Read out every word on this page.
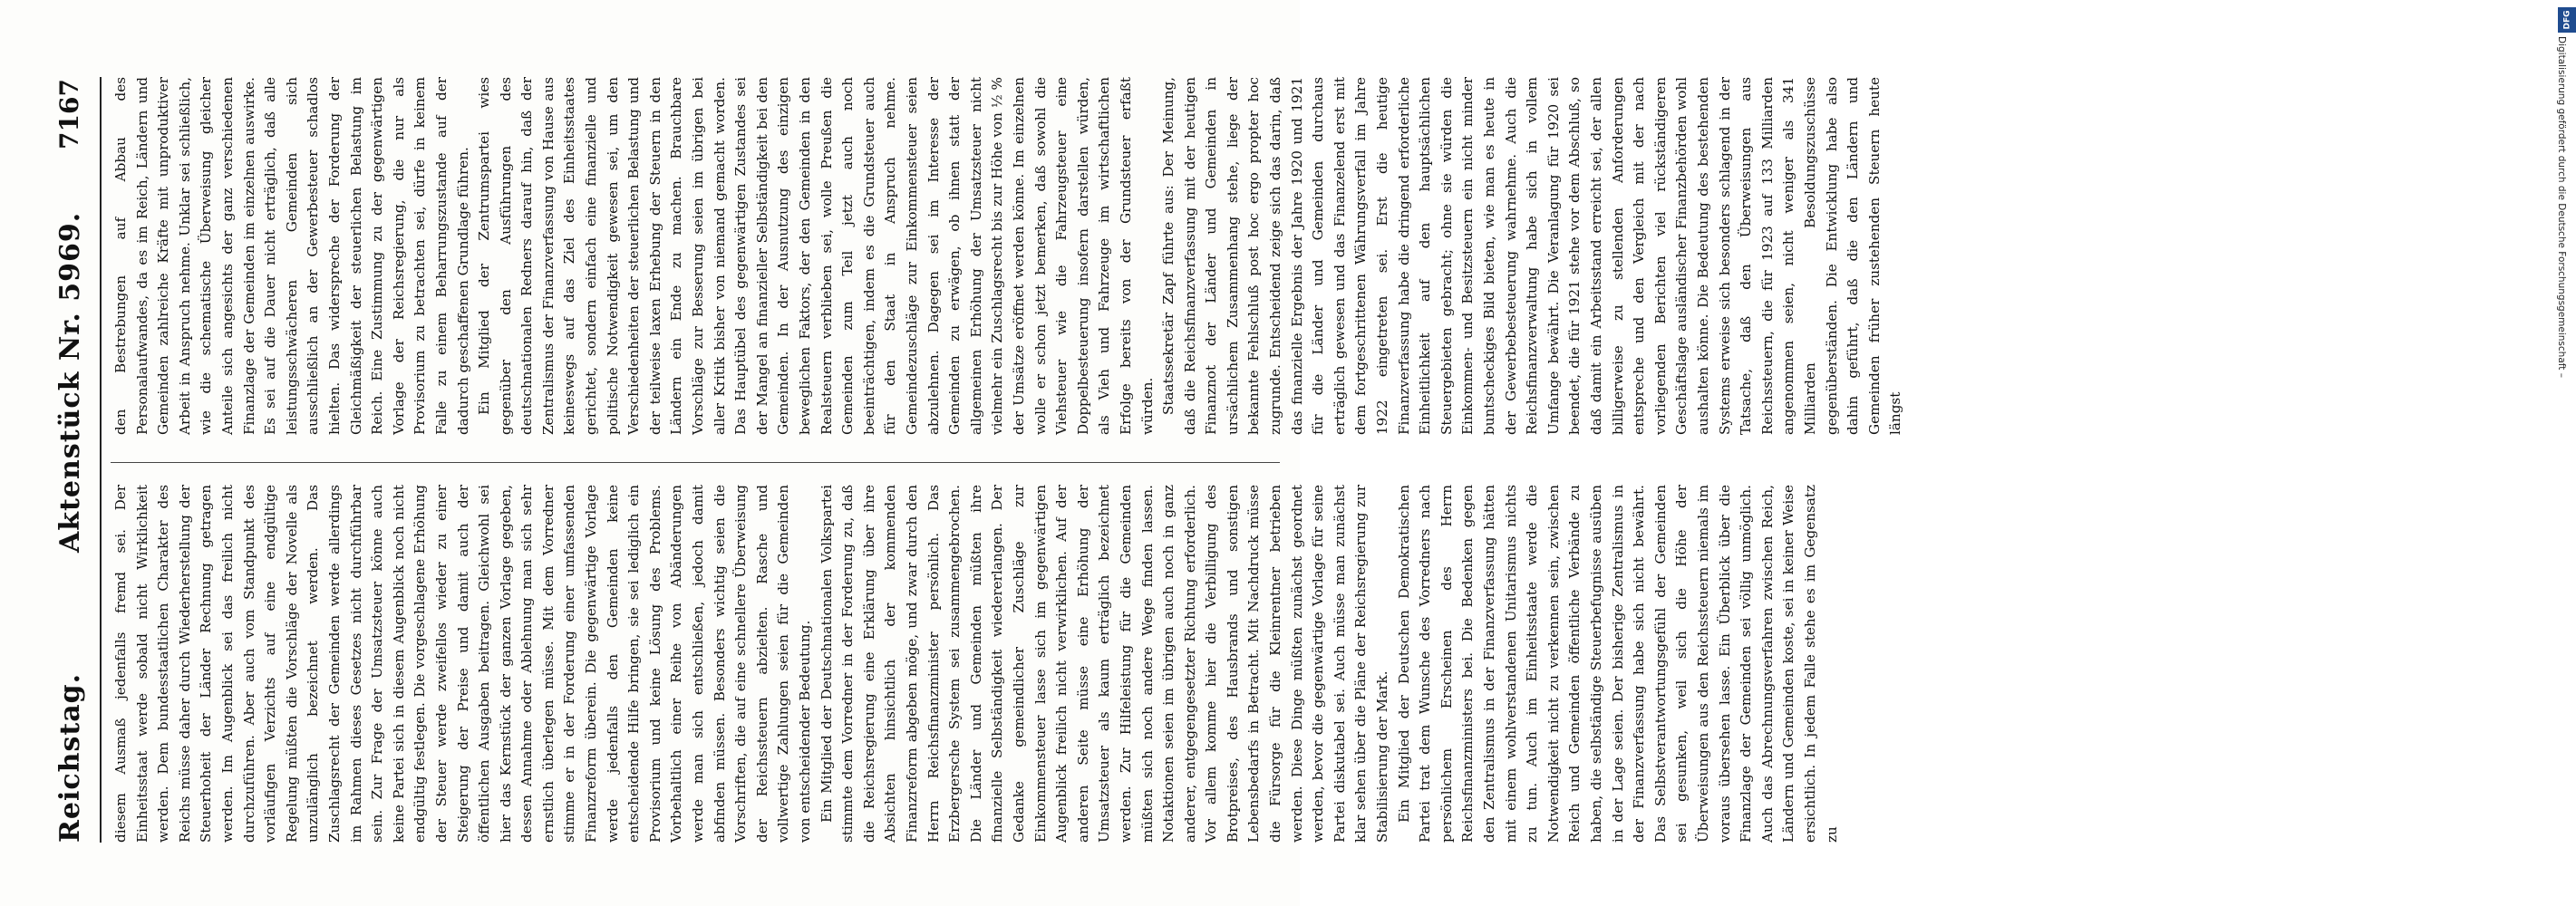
Reichstag.
Aktenstück Nr. 5969.
7167

diesem Ausmaß jedenfalls fremd sei. Der Einheitsstaat werde sobald nicht Wirklichkeit werden. Dem bundesstaatlichen Charakter des Reichs müsse daher durch Wiederherstellung der Steuerhoheit der Länder Rechnung getragen werden. Im Augenblick sei das freilich nicht durchzuführen. Aber auch vom Standpunkt des vorläufigen Verzichts auf eine endgültige Regelung müßten die Vorschläge der Novelle als unzulänglich bezeichnet werden. Das Zuschlagsrecht der Gemeinden werde allerdings im Rahmen dieses Gesetzes nicht durchführbar sein. Zur Frage der Umsatzsteuer könne auch keine Partei sich in diesem Augenblick noch nicht endgültig festlegen. Die vorgeschlagene Erhöhung der Steuer werde zweifellos wieder zu einer Steigerung der Preise und damit auch der öffentlichen Ausgaben beitragen. Gleichwohl sei hier das Kernstück der ganzen Vorlage gegeben, dessen Annahme oder Ablehnung man sich sehr ernstlich überlegen müsse. Mit dem Vorredner stimme er in der Forderung einer umfassenden Finanzreform überein. Die gegenwärtige Vorlage werde jedenfalls den Gemeinden keine entscheidende Hilfe bringen, sie sei lediglich ein Provisorium und keine Lösung des Problems. Vorbehaltlich einer Reihe von Abänderungen werde man sich entschließen, jedoch damit abfinden müssen. Besonders wichtig seien die Vorschriften, die auf eine schnellere Überweisung der Reichssteuern abzielten. Rasche und vollwertige Zahlungen seien für die Gemeinden von entscheidender Bedeutung. Ein Mitglied der Deutschnationalen Volkspartei stimmte dem Vorredner in der Forderung zu, daß die Reichsregierung eine Erklärung über ihre Absichten hinsichtlich der kommenden Finanzreform abgeben möge, und zwar durch den Herrn Reichsfinanzminister persönlich. Das Erzbergersche System sei zusammengebrochen. Die Länder und Gemeinden müßten ihre finanzielle Selbständigkeit wiedererlangen. Der Gedanke gemeindlicher Zuschläge zur Einkommensteuer lasse sich im gegenwärtigen Augenblick freilich nicht verwirklichen. Auf der anderen Seite müsse eine Erhöhung der Umsatzsteuer als kaum erträglich bezeichnet werden. Zur Hilfeleistung für die Gemeinden müßten sich noch andere Wege finden lassen. Notaktionen seien im übrigen auch noch in ganz anderer, entgegengesetzter Richtung erforderlich. Vor allem komme hier die Verbilligung des Brotpreises, des Hausbrands und sonstigen Lebensbedarfs in Betracht. Mit Nachdruck müsse die Fürsorge für die Kleinrentner betrieben werden. Diese Dinge müßten zunächst geordnet werden, bevor die gegenwärtige Vorlage für seine Partei diskutabel sei. Auch müsse man zunächst klar sehen über die Pläne der Reichsregierung zur Stabilisierung der Mark. Ein Mitglied der Deutschen Demokratischen Partei trat dem Wunsche des Vorredners nach persönlichem Erscheinen des Herrn Reichsfinanzministers bei. Die Bedenken gegen den Zentralismus in der Finanzverfassung hätten mit einem wohlverstandenen Unitarismus nichts zu tun. Auch im Einheitsstaate werde die Notwendigkeit nicht zu verkennen sein, zwischen Reich und Gemeinden öffentliche Verbände zu haben, die selbständige Steuerbefugnisse ausüben in der Lage seien. Der bisherige Zentralismus in der Finanzverfassung habe sich nicht bewährt. Das Selbstverantwortungsgefühl der Gemeinden sei gesunken, weil sich die Höhe der Überweisungen aus den Reichssteuern niemals im voraus übersehen lasse. Ein Überblick über die Finanzlage der Gemeinden sei völlig unmöglich. Auch das Abrechnungsverfahren zwischen Reich, Ländern und Gemeinden koste, sei in keiner Weise ersichtlich. In jedem Falle stehe es im Gegensatz zu

den Bestrebungen auf Abbau des Personalaufwandes, da es im Reich, Ländern und Gemeinden zahlreiche Kräfte mit unproduktiver Arbeit in Anspruch nehme. Unklar sei schließlich, wie die schematische Überweisung gleicher Anteile sich angesichts der ganz verschiedenen Finanzlage der Gemeinden im einzelnen auswirke. Es sei auf die Dauer nicht erträglich, daß alle leistungsschwächeren Gemeinden sich ausschließlich an der Gewerbesteuer schadlos hielten. Das widerspreche der Forderung der Gleichmäßigkeit der steuerlichen Belastung im Reich. Eine Zustimmung zu der gegenwärtigen Vorlage der Reichsregierung, die nur als Provisorium zu betrachten sei, dürfe in keinem Falle zu einem Beharrungszustande auf der dadurch geschaffenen Grundlage führen. Ein Mitglied der Zentrumspartei wies gegenüber den Ausführungen des deutschnationalen Redners darauf hin, daß der Zentralismus der Finanzverfassung von Hause aus keineswegs auf das Ziel des Einheitsstaates gerichtet, sondern einfach eine finanzielle und politische Notwendigkeit gewesen sei, um den Verschiedenheiten der steuerlichen Belastung und der teilweise laxen Erhebung der Steuern in den Ländern ein Ende zu machen. Brauchbare Vorschläge zur Besserung seien im übrigen bei aller Kritik bisher von niemand gemacht worden. Das Hauptübel des gegenwärtigen Zustandes sei der Mangel an finanzieller Selbständigkeit bei den Gemeinden. In der Ausnutzung des einzigen beweglichen Faktors, der den Gemeinden in den Realsteuern verblieben sei, wolle Preußen die Gemeinden zum Teil jetzt auch noch beeinträchtigen, indem es die Grundsteuer auch für den Staat in Anspruch nehme. Gemeindezuschläge zur Einkommensteuer seien abzulehnen. Dagegen sei im Interesse der Gemeinden zu erwägen, ob ihnen statt der allgemeinen Erhöhung der Umsatzsteuer nicht vielmehr ein Zuschlagsrecht bis zur Höhe von ½ % der Umsätze eröffnet werden könne. Im einzelnen wolle er schon jetzt bemerken, daß sowohl die Viehsteuer wie die Fahrzeugsteuer eine Doppelbesteuerung insofern darstellen würden, als Vieh und Fahrzeuge im wirtschaftlichen Erfolge bereits von der Grundsteuer erfaßt würden. Staatssekretär Zapf führte aus: Der Meinung, daß die Reichsfinanzverfassung mit der heutigen Finanznot der Länder und Gemeinden in ursächlichem Zusammenhang stehe, liege der bekannte Fehlschluß post hoc ergo propter hoc zugrunde. Entscheidend zeige sich das darin, daß das finanzielle Ergebnis der Jahre 1920 und 1921 für die Länder und Gemeinden durchaus erträglich gewesen und das Finanzelend erst mit dem fortgeschrittenen Währungsverfall im Jahre 1922 eingetreten sei. Erst die heutige Finanzverfassung habe die dringend erforderliche Einheitlichkeit auf den hauptsächlichen Steuergebieten gebracht; ohne sie würden die Einkommen- und Besitzsteuern ein nicht minder buntscheckiges Bild bieten, wie man es heute in der Gewerbebesteuerung wahrnehme. Auch die Reichsfinanzverwaltung habe sich in vollem Umfange bewährt. Die Veranlagung für 1920 sei beendet, die für 1921 stehe vor dem Abschluß, so daß damit ein Arbeitsstand erreicht sei, der allen billigerweise zu stellenden Anforderungen entspreche und den Vergleich mit der nach vorliegenden Berichten viel rückständigeren Geschäftslage ausländischer Finanzbehörden wohl aushalten könne. Die Bedeutung des bestehenden Systems erweise sich besonders schlagend in der Tatsache, daß den Überweisungen aus Reichssteuern, die für 1923 auf 133 Milliarden angenommen seien, nicht weniger als 341 Milliarden Besoldungszuschüsse gegenüberständen. Die Entwicklung habe also dahin geführt, daß die den Ländern und Gemeinden früher zustehenden Steuern heute längst

DFG
Digitalisierung gefördert durch die Deutsche Forschungsgemeinschaft –
